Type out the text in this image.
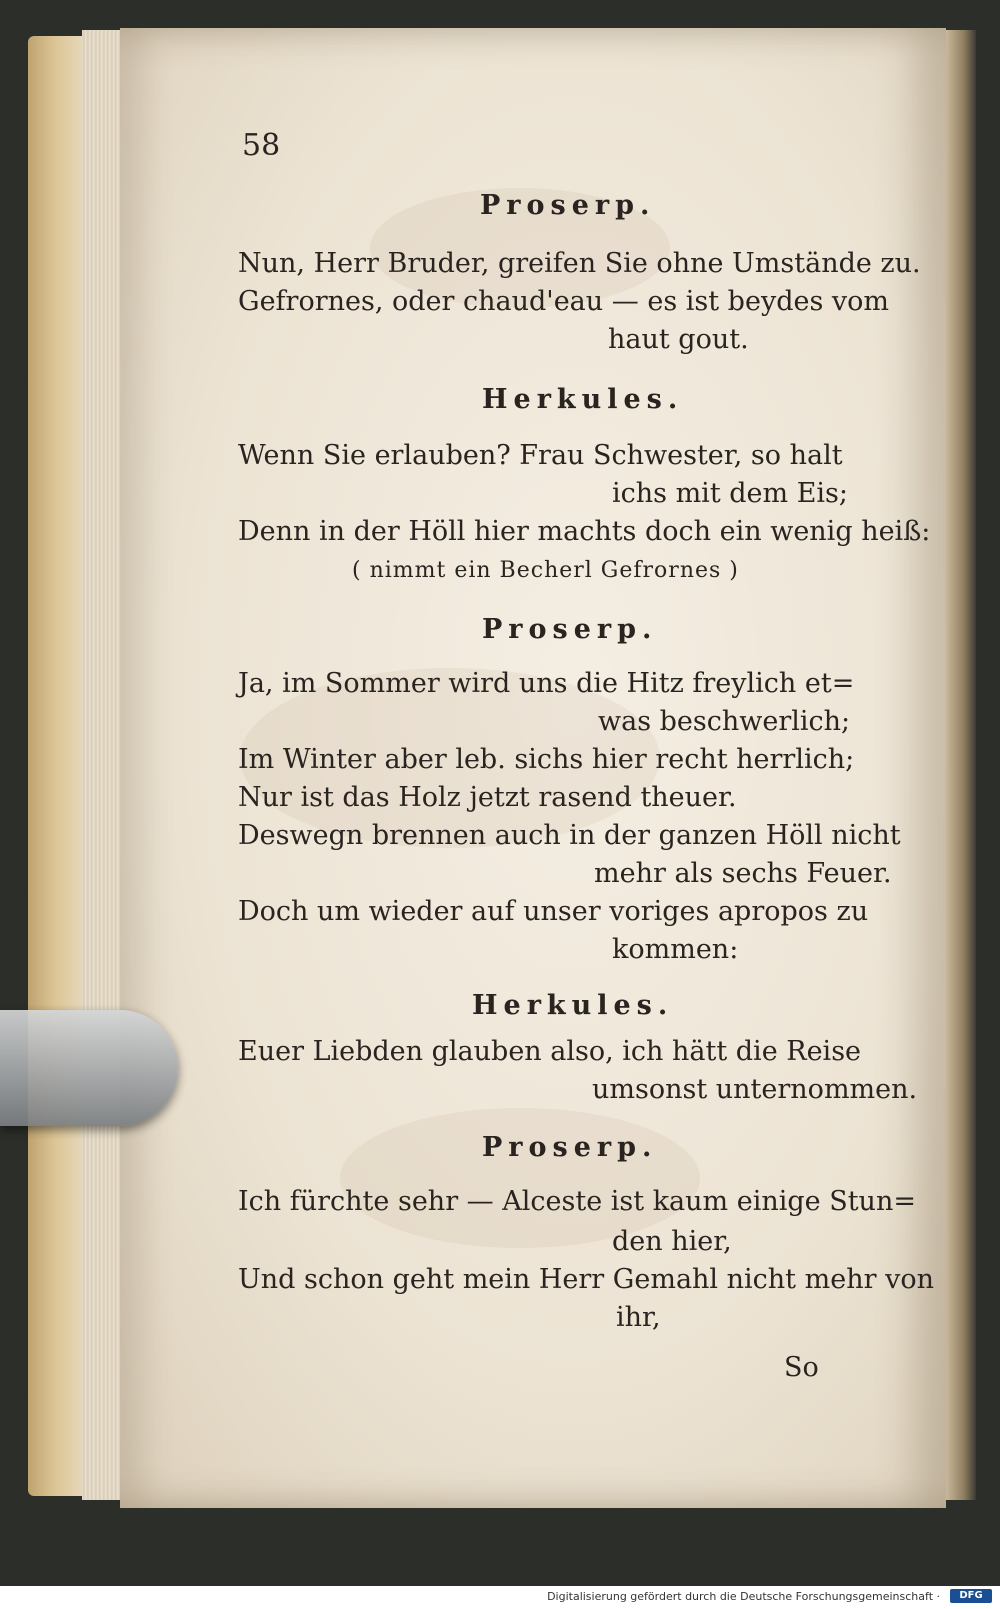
58
Proserp.
Nun, Herr Bruder, greifen Sie ohne Umstände zu.
Gefrornes, oder chaud'eau — es ist beydes vom
haut gout.
Herkules.
Wenn Sie erlauben? Frau Schwester, so halt
ichs mit dem Eis;
Denn in der Höll hier machts doch ein wenig heiß:
( nimmt ein Becherl Gefrornes )
Proserp.
Ja, im Sommer wird uns die Hitz freylich et=
was beschwerlich;
Im Winter aber leb. sichs hier recht herrlich;
Nur ist das Holz jetzt rasend theuer.
Deswegn brennen auch in der ganzen Höll nicht
mehr als sechs Feuer.
Doch um wieder auf unser voriges apropos zu
kommen:
Herkules.
Euer Liebden glauben also, ich hätt die Reise
umsonst unternommen.
Proserp.
Ich fürchte sehr — Alceste ist kaum einige Stun=
den hier,
Und schon geht mein Herr Gemahl nicht mehr von
ihr,
So
Digitalisierung gefördert durch die Deutsche Forschungsgemeinschaft ·	DFG
